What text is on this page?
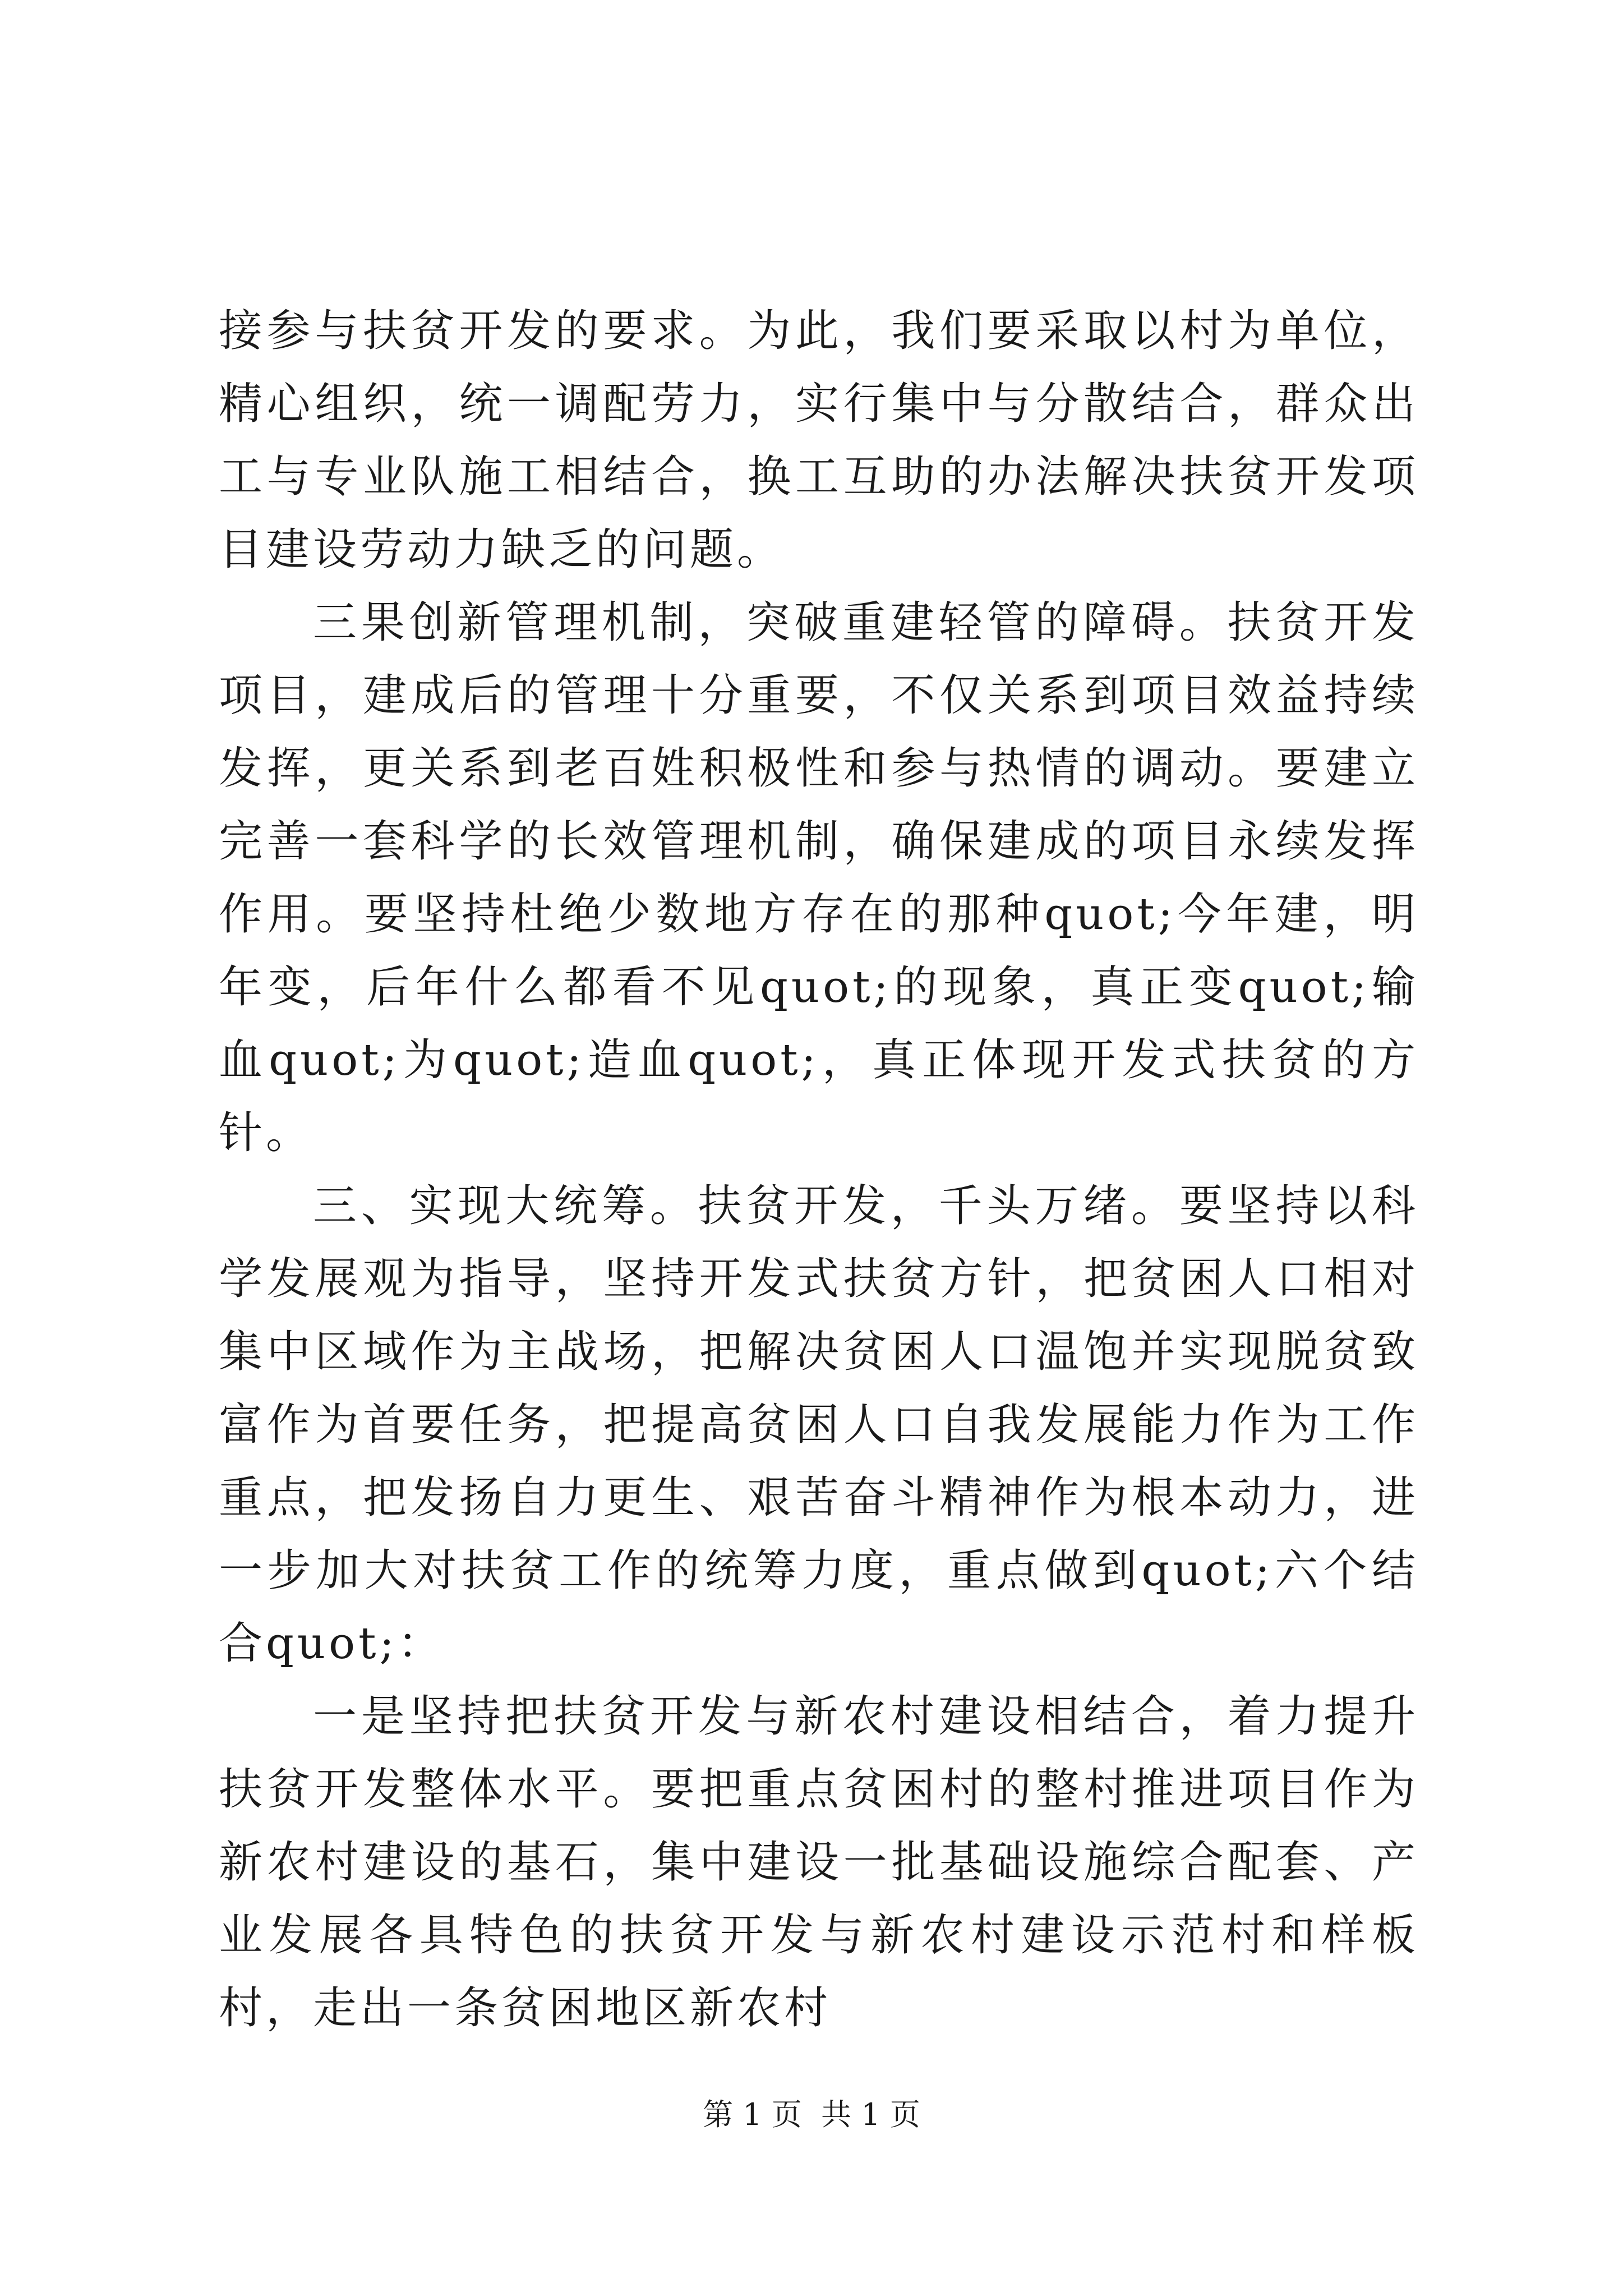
接参与扶贫开发的要求。为此，我们要采取以村为单位，精心组织，统一调配劳力，实行集中与分散结合，群众出工与专业队施工相结合，换工互助的办法解决扶贫开发项目建设劳动力缺乏的问题。

三果创新管理机制，突破重建轻管的障碍。扶贫开发项目，建成后的管理十分重要，不仅关系到项目效益持续发挥，更关系到老百姓积极性和参与热情的调动。要建立完善一套科学的长效管理机制，确保建成的项目永续发挥作用。要坚持杜绝少数地方存在的那种quot;今年建，明年变，后年什么都看不见quot;的现象，真正变quot;输血quot;为quot;造血quot;，真正体现开发式扶贫的方针。

三、实现大统筹。扶贫开发，千头万绪。要坚持以科学发展观为指导，坚持开发式扶贫方针，把贫困人口相对集中区域作为主战场，把解决贫困人口温饱并实现脱贫致富作为首要任务，把提高贫困人口自我发展能力作为工作重点，把发扬自力更生、艰苦奋斗精神作为根本动力，进一步加大对扶贫工作的统筹力度，重点做到quot;六个结合quot;：

一是坚持把扶贫开发与新农村建设相结合，着力提升扶贫开发整体水平。要把重点贫困村的整村推进项目作为新农村建设的基石，集中建设一批基础设施综合配套、产业发展各具特色的扶贫开发与新农村建设示范村和样板村，走出一条贫困地区新农村

第 1 页  共 1 页
